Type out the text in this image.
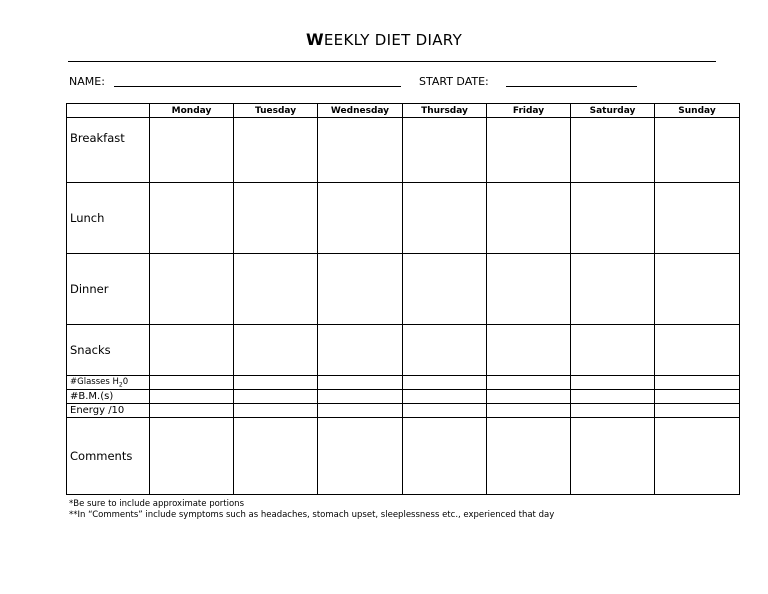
WEEKLY DIET DIARY
NAME:	START DATE:
	Monday	Tuesday	Wednesday	Thursday	Friday	Saturday	Sunday
Breakfast							
Lunch							
Dinner							
Snacks							
#Glasses $H_20$							
#B.M.(s)							
Energy /10							
Comments							
*Be sure to include approximate portions
**In “Comments” include symptoms such as headaches, stomach upset, sleeplessness etc., experienced that day
